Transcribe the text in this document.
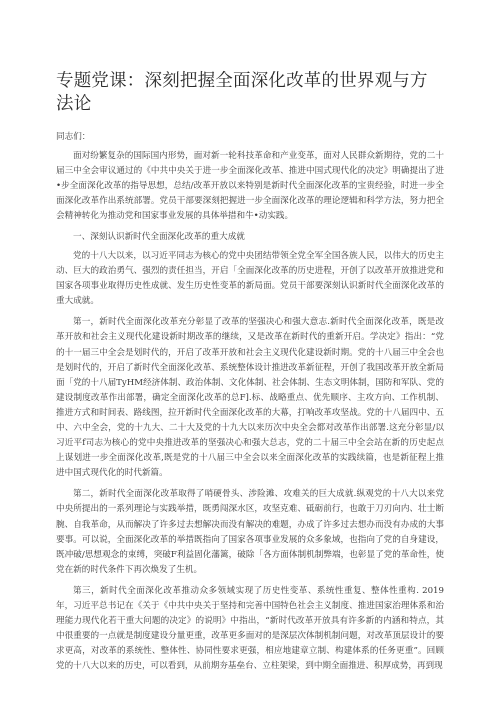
专题党课：深刻把握全面深化改革的世界观与方法论

同志们：

面对纷繁复杂的国际国内形势，面对新一轮科技革命和产业变革，面对人民群众新期待，党的二十届三中全会审议通过的《中共中央关于进一步全面深化改革、推进中国式现代化的决定》明确提出了进•步全面深化改革的指导思想，总结/改革开放以来特别是新时代全面深化改革的宝贵经验，时进一步全面深化改革作出系统部署。党员干部要深刻把握进一步全面深化改革的理论逻辑和科学方法，努力把全会精神转化为推动党和国家事业发展的具体举措和牛•动实践。

一、深刻认识新时代全面深化改革的重大成就

党的十八大以来，以习近平同志为核心的党中央团结带领全党全军全国各族人民，以伟大的历史主动、巨大的政治勇气、强烈的责任担当，开启「全面深化改革的历史进程，开创了以改革开放推进党和国家各项事业取得历史性成就、发生历史性变革的新局面。党员干部要深刻认识新时代全面深化改革的重大成就。

第一，新时代全面深化改革充分彰显了改革的坚强决心和强大意志.新时代全面深化改革，既是改革开放和社会主义现代化建设新时期改革的继续，又是改革在新时代的重新开启。学决定》指出：“党的十一届三中全会是划时代的，开启了改革开放和社会主义现代化建设新时期。党的十八届三中全会也是划时代的，开启了新时代全面深化改革、系统整体设计推进改革新征程，开创了我国改革开放全新局面「党的十八届TyHM经济体制、政治体制、文化体制、社会体制、生态文明体制，国防和军队、党的建设制度改革作出部署，确定全面深化改革的总F].标、战略重点、优先顺序、主攻方向、工作机制、推进方式和时间表、路线图，拉开新时代全面深化改革的大幕，打响改革攻坚战。党的十八届四中、五中、六中全会，党的十九大、二十大及党的十九大以来历次中央全会都对改革作出部署.这充分彰显/以习近平f司志为核心的党中央推进改革的坚强决心和强大总志，党的二十届三中全会站在新的历史起点上谋划进一步全面深化改革,既是党的十八届三中全会以来全面深化改革的实践续篇，也是新征程上推进中国式现代化的时代新篇。

第二，新时代全面深化改革取得了哨硬骨头、涉险滩、攻难关的巨大成就.纵观党的十八大以来党中央所提出的一系列理论与实践举措，既勇闯深水区，攻坚克难、砥砺前行，也敢于刀刃向内、壮士断腕、自我革命，从而解决了许多过去想解决而没有解决的难题，办成了许多过去想办而没有办成的大事要事。可以说，全面深化改革的举措既指向了国家各项事业发展的众多象域，也指向了党的自身建设，既冲破/思想观念的束缚，突破F利益固化藩篱，破除「各方面体制机制弊端，也彰显了党的革命性，使党在新的时代条件下再次焕发了生机。

第三，新时代全面深化改革推动众多领域实现了历史性变革、系统性重复、整体性重构. 2019年，习近平总书记在《关于《中共中央关于坚持和完善中国特色社会主义制度、推进国家治理体系和治理能力现代化若干重大问题的决定》的说明》中指出，“新时代改革开放具有许多新的内涵和特点，其中很重要的一点就是制度建设分量更重，改革更多面对的是深层次体制机制问题，对改革顶层设计的要求更高，对改革的系统性、整体性、协同性要求更强，相应地建章立制、构建体系的任务更重”。回顾党的十八大以来的历史，可以看到，从前期夯基垒台、立柱架梁，到中期全面推进、积厚成势，再到现
